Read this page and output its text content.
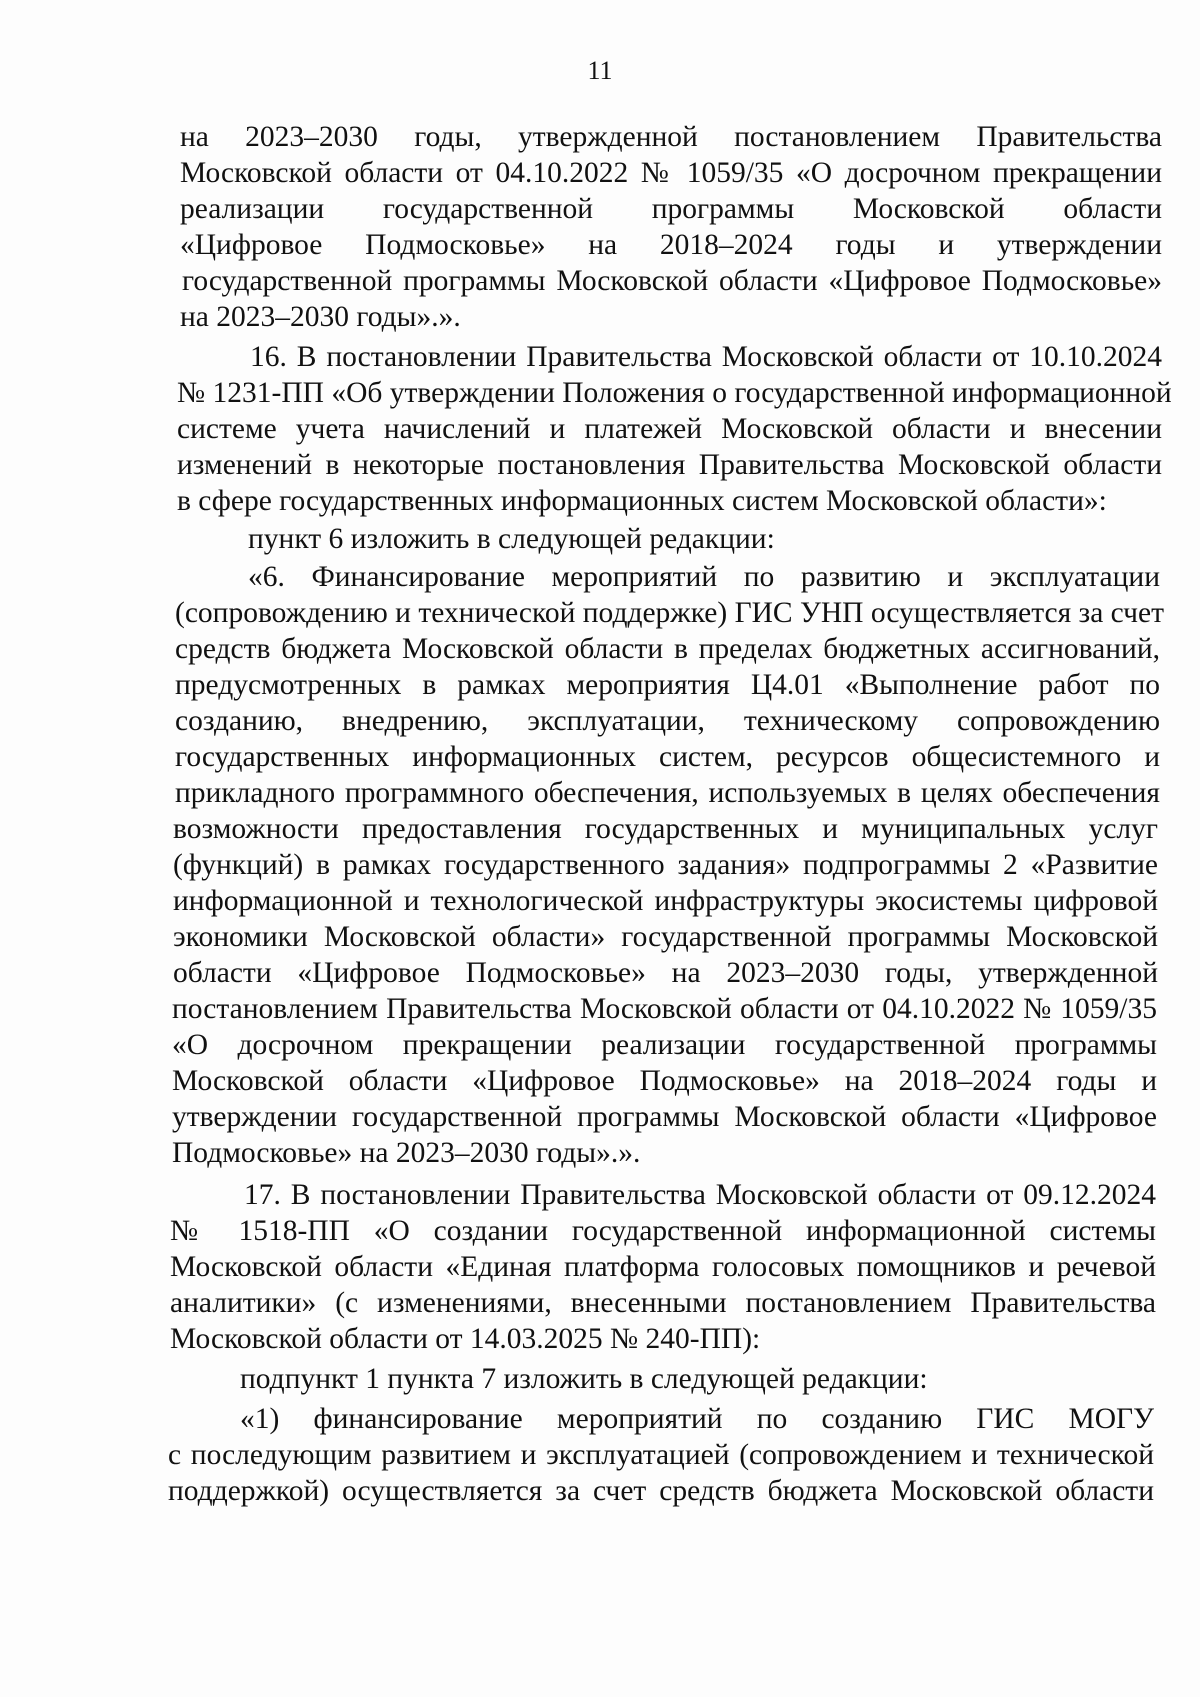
11
на 2023–2030 годы, утвержденной постановлением Правительства
Московской области от 04.10.2022 № 1059/35 «О досрочном прекращении
реализации государственной программы Московской области
«Цифровое Подмосковье» на 2018–2024 годы и утверждении
государственной программы Московской области «Цифровое Подмосковье»
на 2023–2030 годы».».
16. В постановлении Правительства Московской области от 10.10.2024
№ 1231-ПП «Об утверждении Положения о государственной информационной
системе учета начислений и платежей Московской области и внесении
изменений в некоторые постановления Правительства Московской области
в сфере государственных информационных систем Московской области»:
пункт 6 изложить в следующей редакции:
«6. Финансирование мероприятий по развитию и эксплуатации
(сопровождению и технической поддержке) ГИС УНП осуществляется за счет
средств бюджета Московской области в пределах бюджетных ассигнований,
предусмотренных в рамках мероприятия Ц4.01 «Выполнение работ по
созданию, внедрению, эксплуатации, техническому сопровождению
государственных информационных систем, ресурсов общесистемного и
прикладного программного обеспечения, используемых в целях обеспечения
возможности предоставления государственных и муниципальных услуг
(функций) в рамках государственного задания» подпрограммы 2 «Развитие
информационной и технологической инфраструктуры экосистемы цифровой
экономики Московской области» государственной программы Московской
области «Цифровое Подмосковье» на 2023–2030 годы, утвержденной
постановлением Правительства Московской области от 04.10.2022 № 1059/35
«О досрочном прекращении реализации государственной программы
Московской области «Цифровое Подмосковье» на 2018–2024 годы и
утверждении государственной программы Московской области «Цифровое
Подмосковье» на 2023–2030 годы».».
17. В постановлении Правительства Московской области от 09.12.2024
№ 1518-ПП «О создании государственной информационной системы
Московской области «Единая платформа голосовых помощников и речевой
аналитики» (с изменениями, внесенными постановлением Правительства
Московской области от 14.03.2025 № 240-ПП):
подпункт 1 пункта 7 изложить в следующей редакции:
«1) финансирование мероприятий по созданию ГИС МОГУ
с последующим развитием и эксплуатацией (сопровождением и технической
поддержкой) осуществляется за счет средств бюджета Московской области
